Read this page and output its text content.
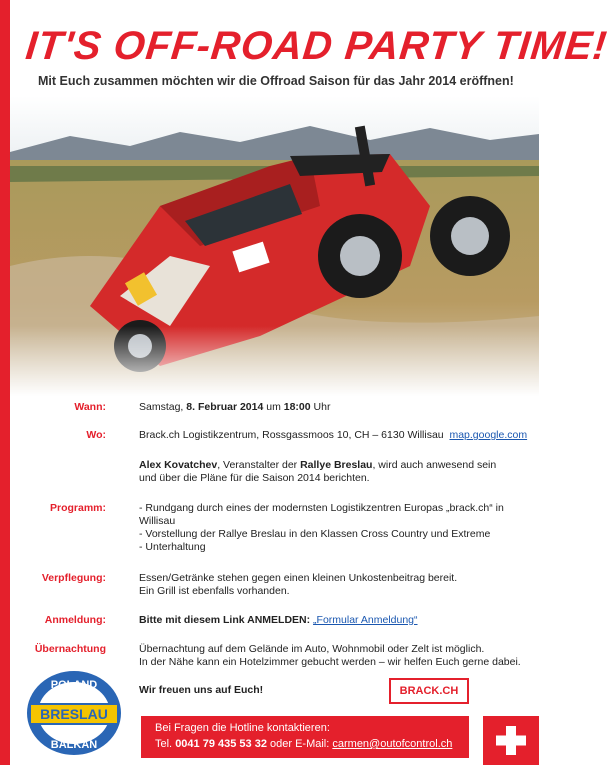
IT'S OFF-ROAD PARTY TIME!
Mit Euch zusammen möchten wir die Offroad Saison für das Jahr 2014 eröffnen!
Wann:	Samstag, 8. Februar 2014 um 18:00 Uhr
Wo:	Brack.ch Logistikzentrum, Rossgassmoos 10, CH – 6130 Willisau map.google.com
Alex Kovatchev, Veranstalter der Rallye Breslau, wird auch anwesend sein und über die Pläne für die Saison 2014 berichten.
Programm:	- Rundgang durch eines der modernsten Logistikzentren Europas „brack.ch“ in Willisau
- Vorstellung der Rallye Breslau in den Klassen Cross Country und Extreme
- Unterhaltung
Verpflegung:	Essen/Getränke stehen gegen einen kleinen Unkostenbeitrag bereit.
Ein Grill ist ebenfalls vorhanden.
Anmeldung:	Bitte mit diesem Link ANMELDEN: „Formular Anmeldung“
Übernachtung	Übernachtung auf dem Gelände im Auto, Wohnmobil oder Zelt ist möglich.
In der Nähe kann ein Hotelzimmer gebucht werden – wir helfen Euch gerne dabei.
Wir freuen uns auf Euch!	BRACK.CH
POLAND
BRESLAU
BALKAN
Bei Fragen die Hotline kontaktieren:
Tel. 0041 79 435 53 32 oder E-Mail: carmen@outofcontrol.ch
